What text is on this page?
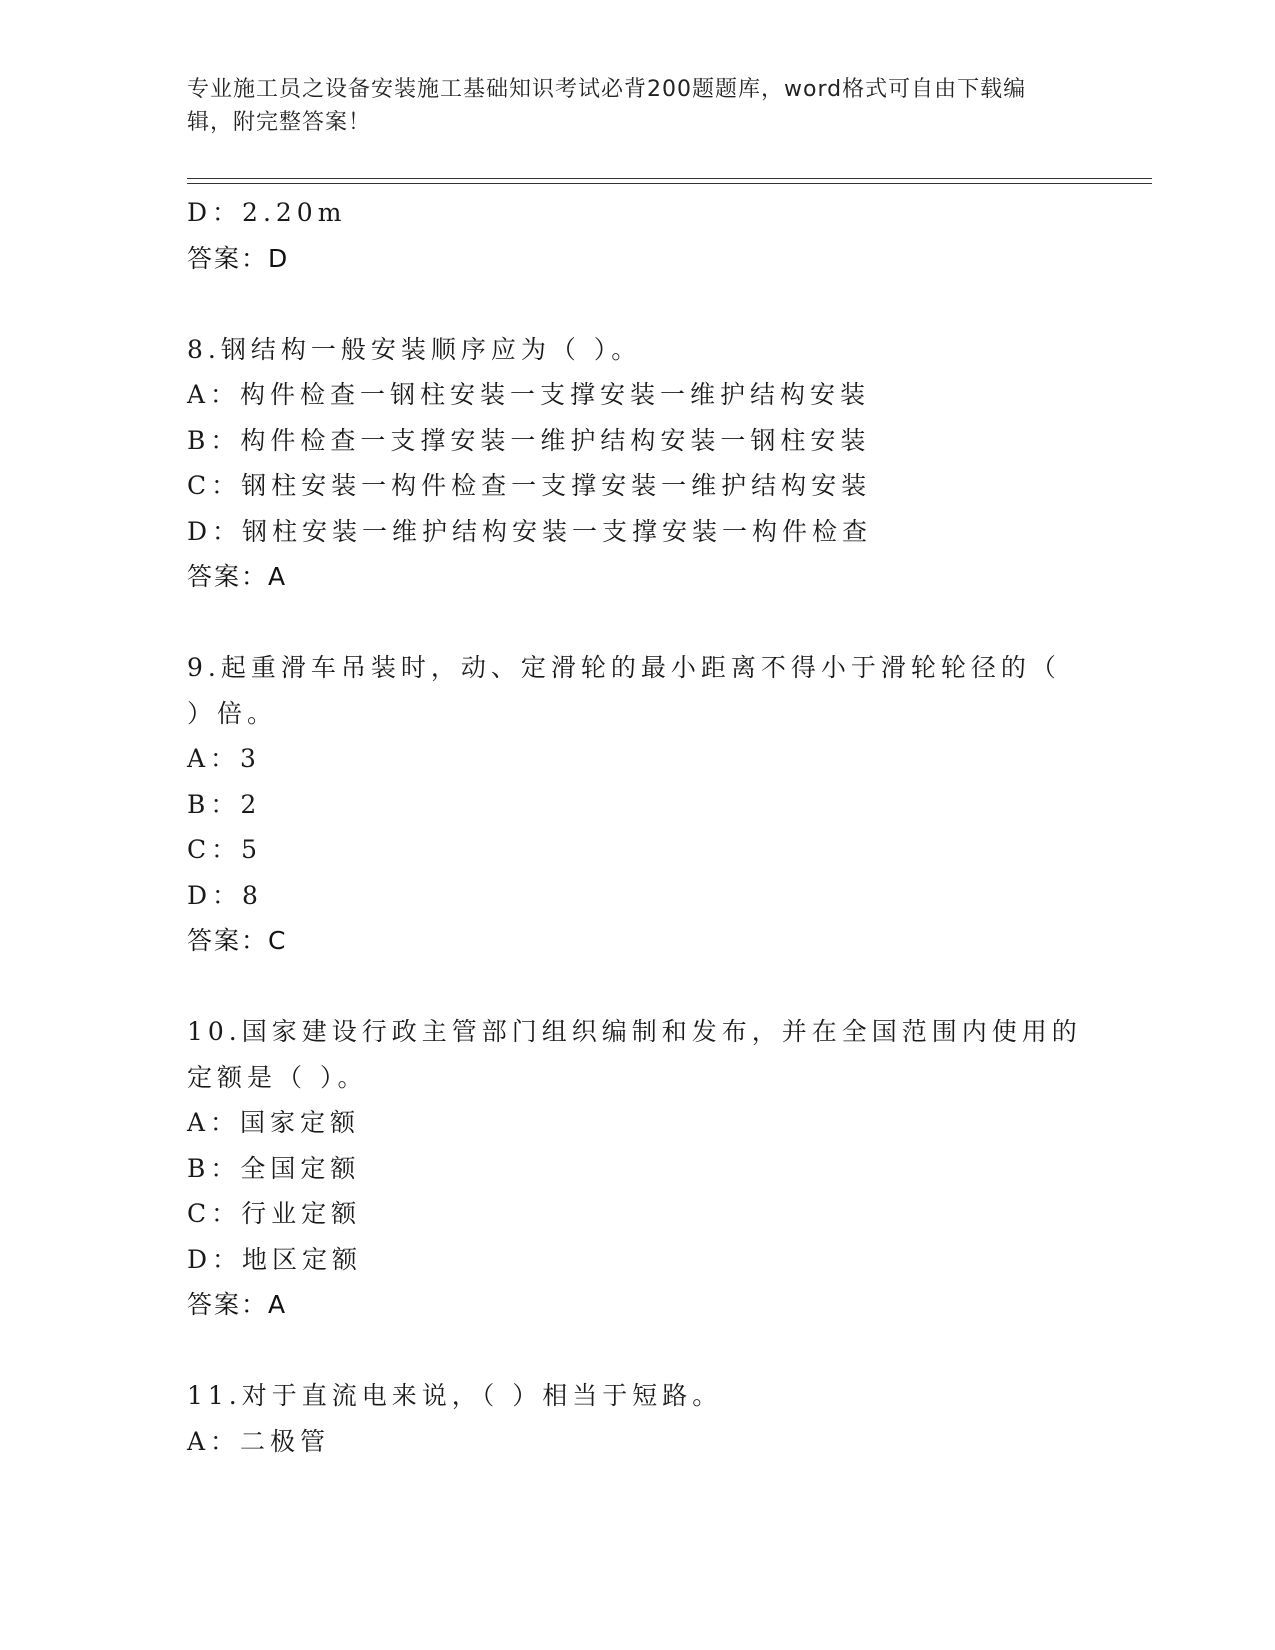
专业施工员之设备安装施工基础知识考试必背200题题库，word格式可自由下载编辑，附完整答案！
D：2.20m
答案：D
8.钢结构一般安装顺序应为（ ）。
A：构件检查一钢柱安装一支撑安装一维护结构安装
B：构件检查一支撑安装一维护结构安装一钢柱安装
C：钢柱安装一构件检查一支撑安装一维护结构安装
D：钢柱安装一维护结构安装一支撑安装一构件检查
答案：A
9.起重滑车吊装时，动、定滑轮的最小距离不得小于滑轮轮径的（ ）倍。
A：3
B：2
C：5
D：8
答案：C
10.国家建设行政主管部门组织编制和发布，并在全国范围内使用的定额是（ ）。
A：国家定额
B：全国定额
C：行业定额
D：地区定额
答案：A
11.对于直流电来说，（ ）相当于短路。
A：二极管
